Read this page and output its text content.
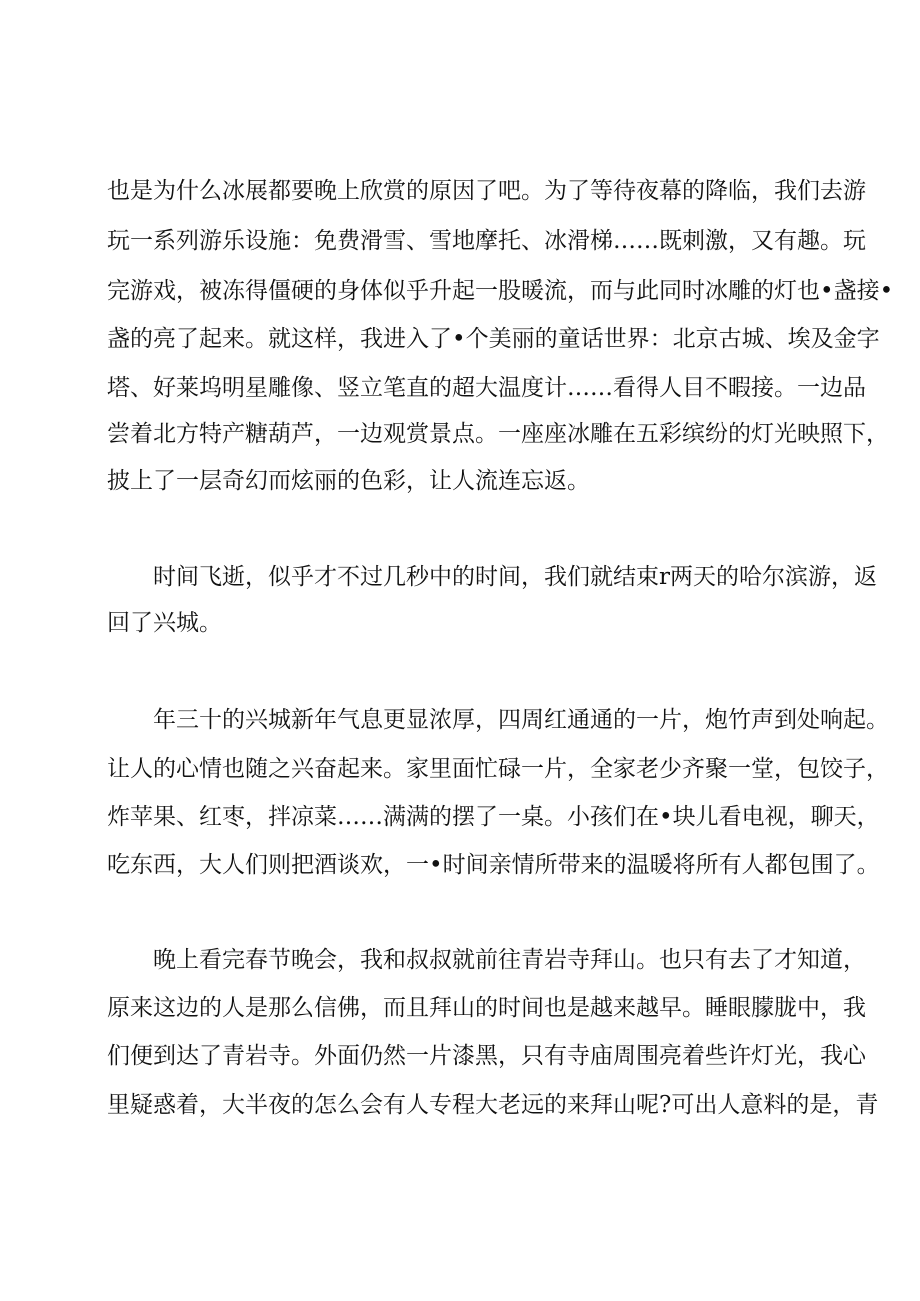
也是为什么冰展都要晚上欣赏的原因了吧。为了等待夜幕的降临，我们去游

玩一系列游乐设施：免费滑雪、雪地摩托、冰滑梯……既刺激，又有趣。玩

完游戏，被冻得僵硬的身体似乎升起一股暖流，而与此同时冰雕的灯也•盏接•

盏的亮了起来。就这样，我进入了•个美丽的童话世界：北京古城、埃及金字

塔、好莱坞明星雕像、竖立笔直的超大温度计……看得人目不暇接。一边品

尝着北方特产糖葫芦，一边观赏景点。一座座冰雕在五彩缤纷的灯光映照下，

披上了一层奇幻而炫丽的色彩，让人流连忘返。

时间飞逝，似乎才不过几秒中的时间，我们就结束r两天的哈尔滨游，返

回了兴城。

年三十的兴城新年气息更显浓厚，四周红通通的一片，炮竹声到处响起。

让人的心情也随之兴奋起来。家里面忙碌一片，全家老少齐聚一堂，包饺子，

炸苹果、红枣，拌凉菜……满满的摆了一桌。小孩们在•块儿看电视，聊天，

吃东西，大人们则把酒谈欢，一•时间亲情所带来的温暖将所有人都包围了。

晚上看完春节晚会，我和叔叔就前往青岩寺拜山。也只有去了才知道，

原来这边的人是那么信佛，而且拜山的时间也是越来越早。睡眼朦胧中，我

们便到达了青岩寺。外面仍然一片漆黑，只有寺庙周围亮着些许灯光，我心

里疑惑着，大半夜的怎么会有人专程大老远的来拜山呢?可出人意料的是，青
